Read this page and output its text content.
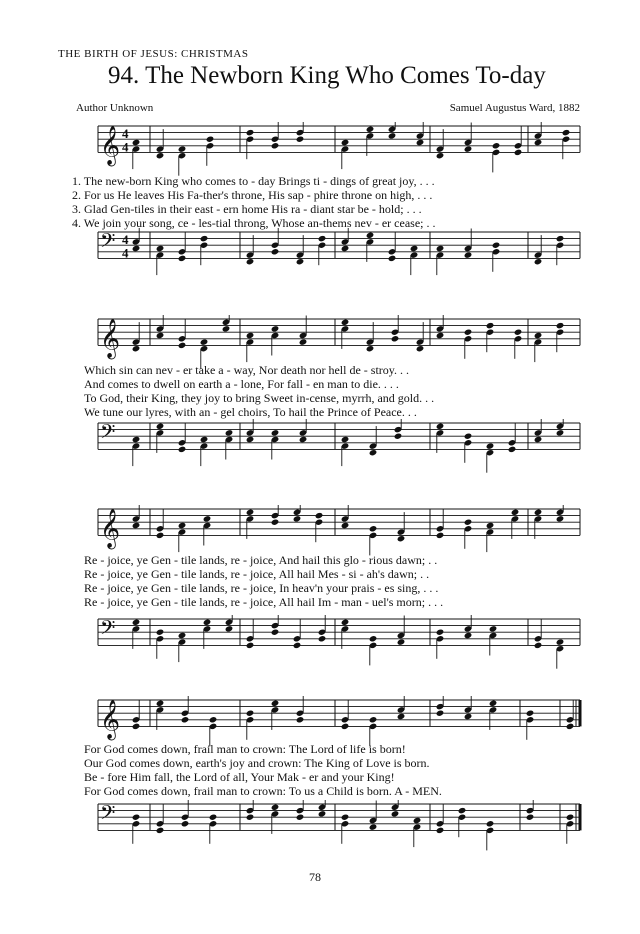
THE BIRTH OF JESUS: CHRISTMAS
94. The Newborn King Who Comes To-day
Author Unknown	Samuel Augustus Ward, 1882
𝄞 4
4
𝄢 4
4
1. The new-born King who comes to - day Brings ti - dings of great joy, . . .
2. For us He leaves His Fa-ther's throne, His sap - phire throne on high, . . .
3. Glad Gen-tiles in their east - ern home His ra - diant star be - hold; . . .
4. We join your song, ce - les-tial throng, Whose an-thems nev - er cease; . .
𝄞
𝄢
Which sin can nev - er take a - way, Nor death nor hell de - stroy. . .
And comes to dwell on earth a - lone, For fall - en man to die. . . .
To God, their King, they joy to bring Sweet in-cense, myrrh, and gold. . .
We tune our lyres, with an - gel choirs, To hail the Prince of Peace. . .
𝄞
𝄢
Re - joice, ye Gen - tile lands, re - joice, And hail this glo - rious dawn; . .
Re - joice, ye Gen - tile lands, re - joice, All hail Mes - si - ah's dawn; . .
Re - joice, ye Gen - tile lands, re - joice, In heav'n your prais - es sing, . . .
Re - joice, ye Gen - tile lands, re - joice, All hail Im - man - uel's morn; . . .
𝄞
𝄢
For God comes down, frail man to crown: The Lord of life is born!
Our God comes down, earth's joy and crown: The King of Love is born.
Be - fore Him fall, the Lord of all, Your Mak - er and your King!
For God comes down, frail man to crown: To us a Child is born. A - MEN.
78
